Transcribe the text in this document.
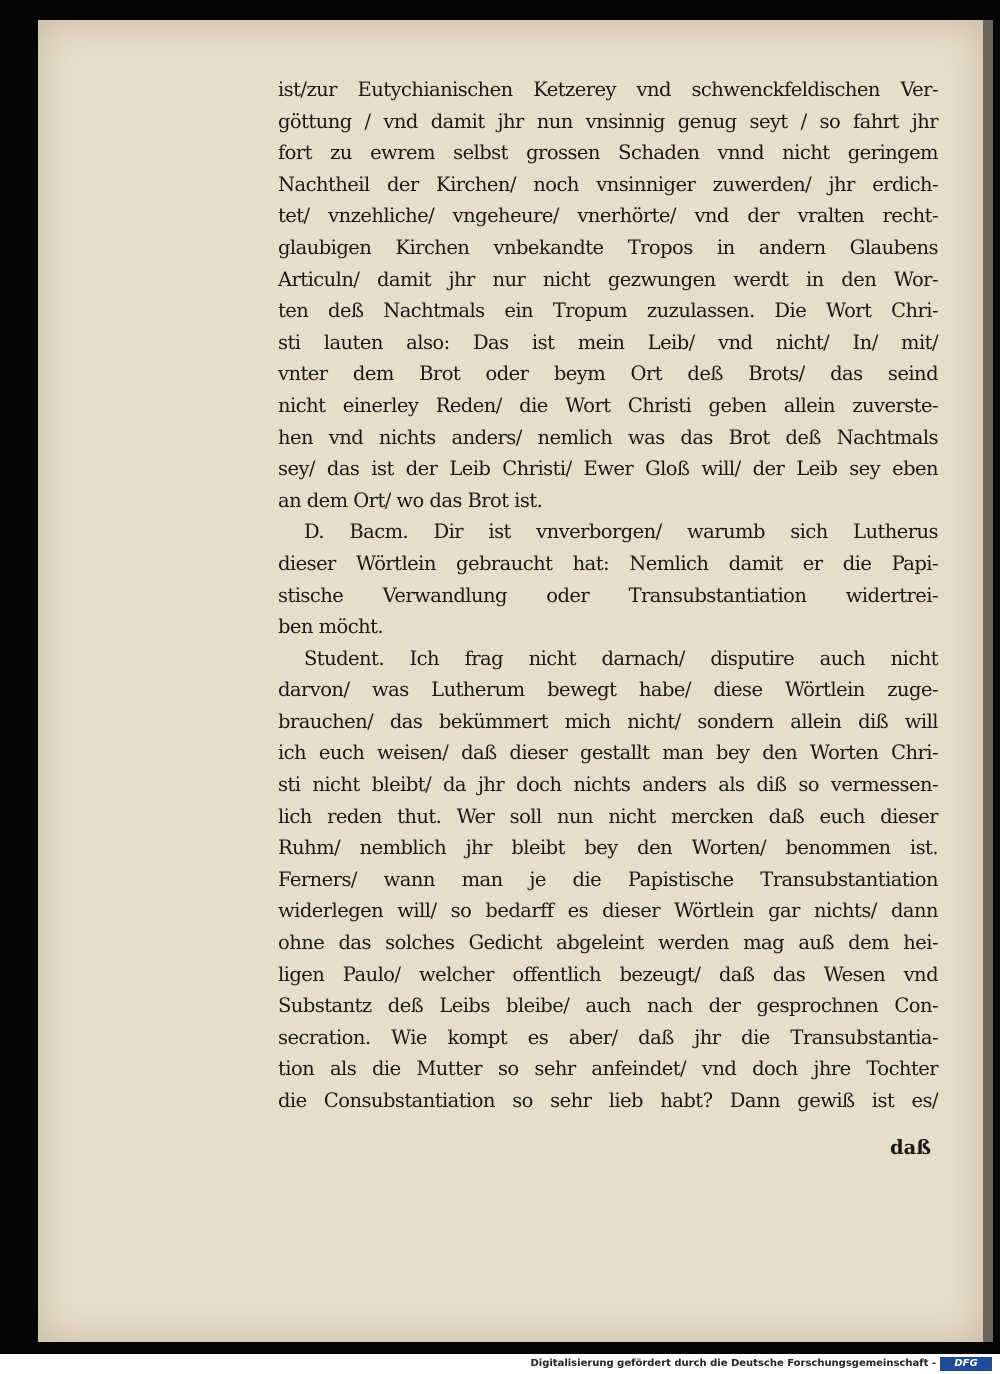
ist/zur Eutychianischen Ketzerey vnd schwenckfeldischen Ver-
göttung / vnd damit jhr nun vnsinnig genug seyt / so fahrt jhr
fort zu ewrem selbst grossen Schaden vnnd nicht geringem
Nachtheil der Kirchen/ noch vnsinniger zuwerden/ jhr erdich-
tet/ vnzehliche/ vngeheure/ vnerhörte/ vnd der vralten recht-
glaubigen Kirchen vnbekandte Tropos in andern Glaubens
Articuln/ damit jhr nur nicht gezwungen werdt in den Wor-
ten deß Nachtmals ein Tropum zuzulassen. Die Wort Chri-
sti lauten also: Das ist mein Leib/ vnd nicht/ In/ mit/
vnter dem Brot oder beym Ort deß Brots/ das seind
nicht einerley Reden/ die Wort Christi geben allein zuverste-
hen vnd nichts anders/ nemlich was das Brot deß Nachtmals
sey/ das ist der Leib Christi/ Ewer Gloß will/ der Leib sey eben
an dem Ort/ wo das Brot ist.
D. Bacm. Dir ist vnverborgen/ warumb sich Lutherus
dieser Wörtlein gebraucht hat: Nemlich damit er die Papi-
stische Verwandlung oder Transubstantiation widertrei-
ben möcht.
Student. Ich frag nicht darnach/ disputire auch nicht
darvon/ was Lutherum bewegt habe/ diese Wörtlein zuge-
brauchen/ das bekümmert mich nicht/ sondern allein diß will
ich euch weisen/ daß dieser gestallt man bey den Worten Chri-
sti nicht bleibt/ da jhr doch nichts anders als diß so vermessen-
lich reden thut. Wer soll nun nicht mercken daß euch dieser
Ruhm/ nemblich jhr bleibt bey den Worten/ benommen ist.
Ferners/ wann man je die Papistische Transubstantiation
widerlegen will/ so bedarff es dieser Wörtlein gar nichts/ dann
ohne das solches Gedicht abgeleint werden mag auß dem hei-
ligen Paulo/ welcher offentlich bezeugt/ daß das Wesen vnd
Substantz deß Leibs bleibe/ auch nach der gesprochnen Con-
secration. Wie kompt es aber/ daß jhr die Transubstantia-
tion als die Mutter so sehr anfeindet/ vnd doch jhre Tochter
die Consubstantiation so sehr lieb habt? Dann gewiß ist es/
daß
Digitalisierung gefördert durch die Deutsche Forschungsgemeinschaft -	DFG
